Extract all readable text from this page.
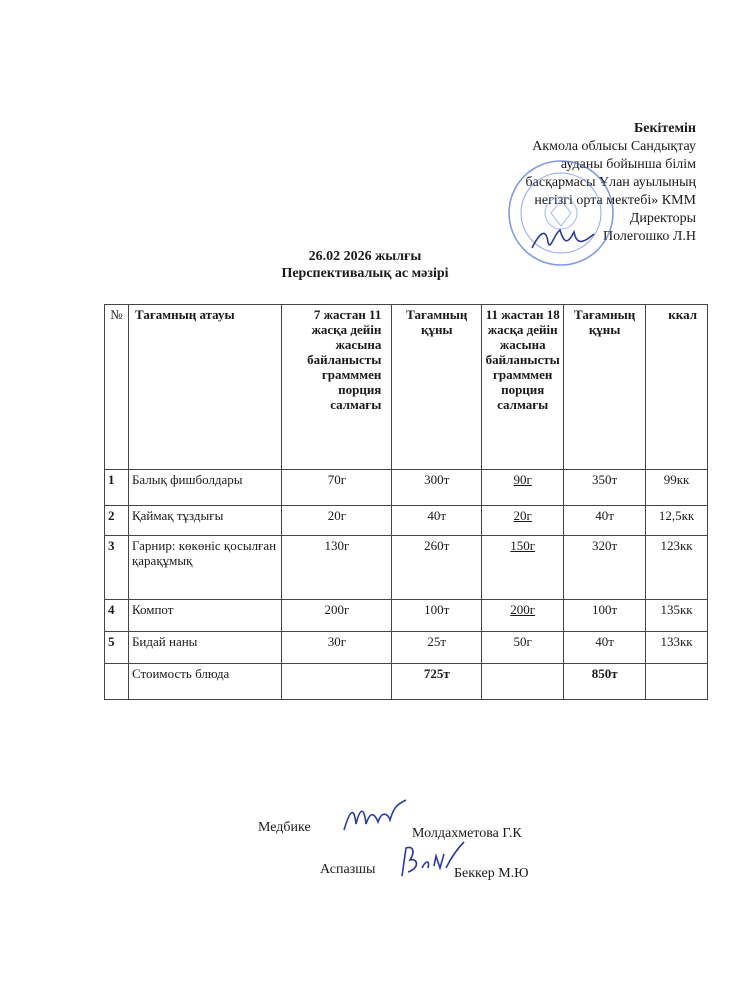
Бекітемін
Акмола облысы Сандықтау
ауданы бойынша білім
басқармасы Ұлан ауылының
негізгі орта мектебі» КММ
Директоры
Полегошко Л.Н
26.02 2026 жылғы
Перспективалық ас мәзірі
№	Тағамның атауы	7 жастан 11 жасқа дейін жасына байланысты грамммен порция салмағы	Тағамның құны	11 жастан 18 жасқа дейін жасына байланысты грамммен порция салмағы	Тағамның құны	ккал
1	Балық фишболдары	70г	300т	90г	350т	99кк
2	Қаймақ тұздығы	20г	40т	20г	40т	12,5кк
3	Гарнир: көкөніс қосылған қарақұмық	130г	260т	150г	320т	123кк
4	Компот	200г	100т	200г	100т	135кк
5	Бидай наны	30г	25т	50г	40т	133кк
	Стоимость блюда		725т		850т	
Медбике	Молдахметова Г.К
Аспазшы	Беккер М.Ю
